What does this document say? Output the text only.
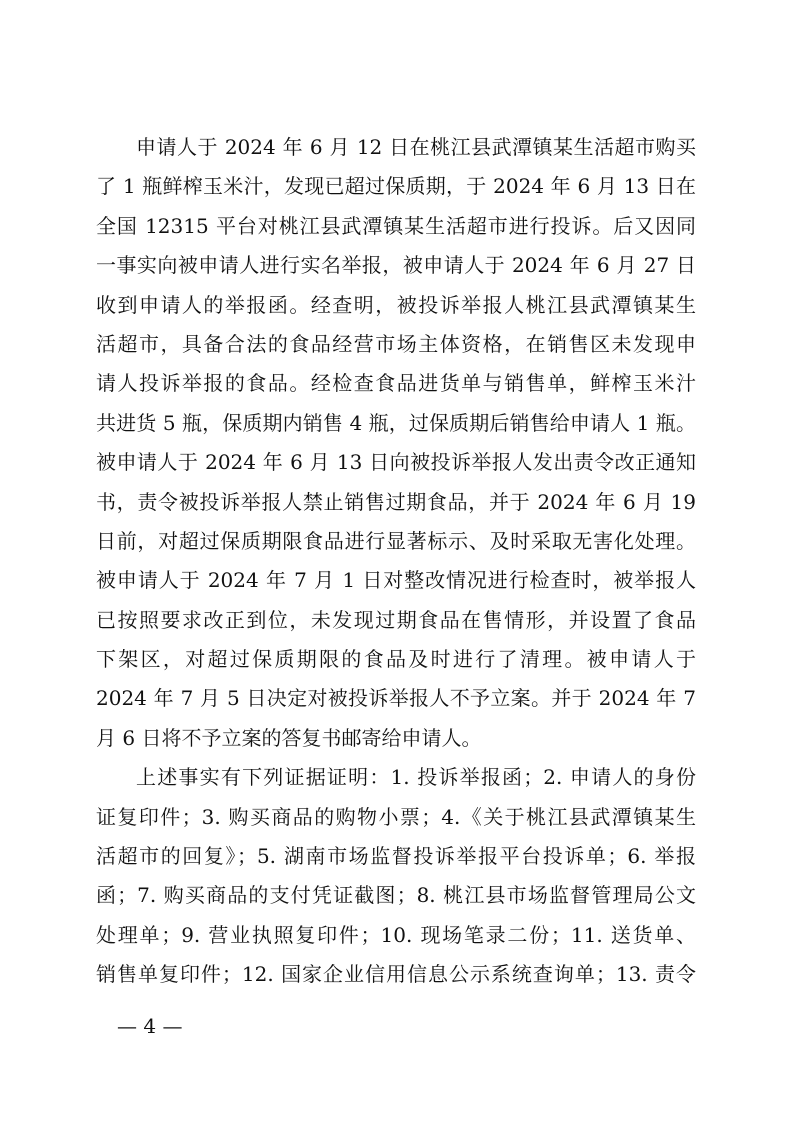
申请人于 2024 年 6 月 12 日在桃江县武潭镇某生活超市购买
了 1 瓶鲜榨玉米汁，发现已超过保质期，于 2024 年 6 月 13 日在
全国 12315 平台对桃江县武潭镇某生活超市进行投诉。后又因同
一事实向被申请人进行实名举报，被申请人于 2024 年 6 月 27 日
收到申请人的举报函。经查明，被投诉举报人桃江县武潭镇某生
活超市，具备合法的食品经营市场主体资格，在销售区未发现申
请人投诉举报的食品。经检查食品进货单与销售单，鲜榨玉米汁
共进货 5 瓶，保质期内销售 4 瓶，过保质期后销售给申请人 1 瓶。
被申请人于 2024 年 6 月 13 日向被投诉举报人发出责令改正通知
书，责令被投诉举报人禁止销售过期食品，并于 2024 年 6 月 19
日前，对超过保质期限食品进行显著标示、及时采取无害化处理。
被申请人于 2024 年 7 月 1 日对整改情况进行检查时，被举报人
已按照要求改正到位，未发现过期食品在售情形，并设置了食品
下架区，对超过保质期限的食品及时进行了清理。被申请人于
2024 年 7 月 5 日决定对被投诉举报人不予立案。并于 2024 年 7
月 6 日将不予立案的答复书邮寄给申请人。
上述事实有下列证据证明：1. 投诉举报函；2. 申请人的身份
证复印件；3. 购买商品的购物小票；4.《关于桃江县武潭镇某生
活超市的回复》；5. 湖南市场监督投诉举报平台投诉单；6. 举报
函；7. 购买商品的支付凭证截图；8. 桃江县市场监督管理局公文
处理单；9. 营业执照复印件；10. 现场笔录二份；11. 送货单、
销售单复印件；12. 国家企业信用信息公示系统查询单；13. 责令
— 4 —
